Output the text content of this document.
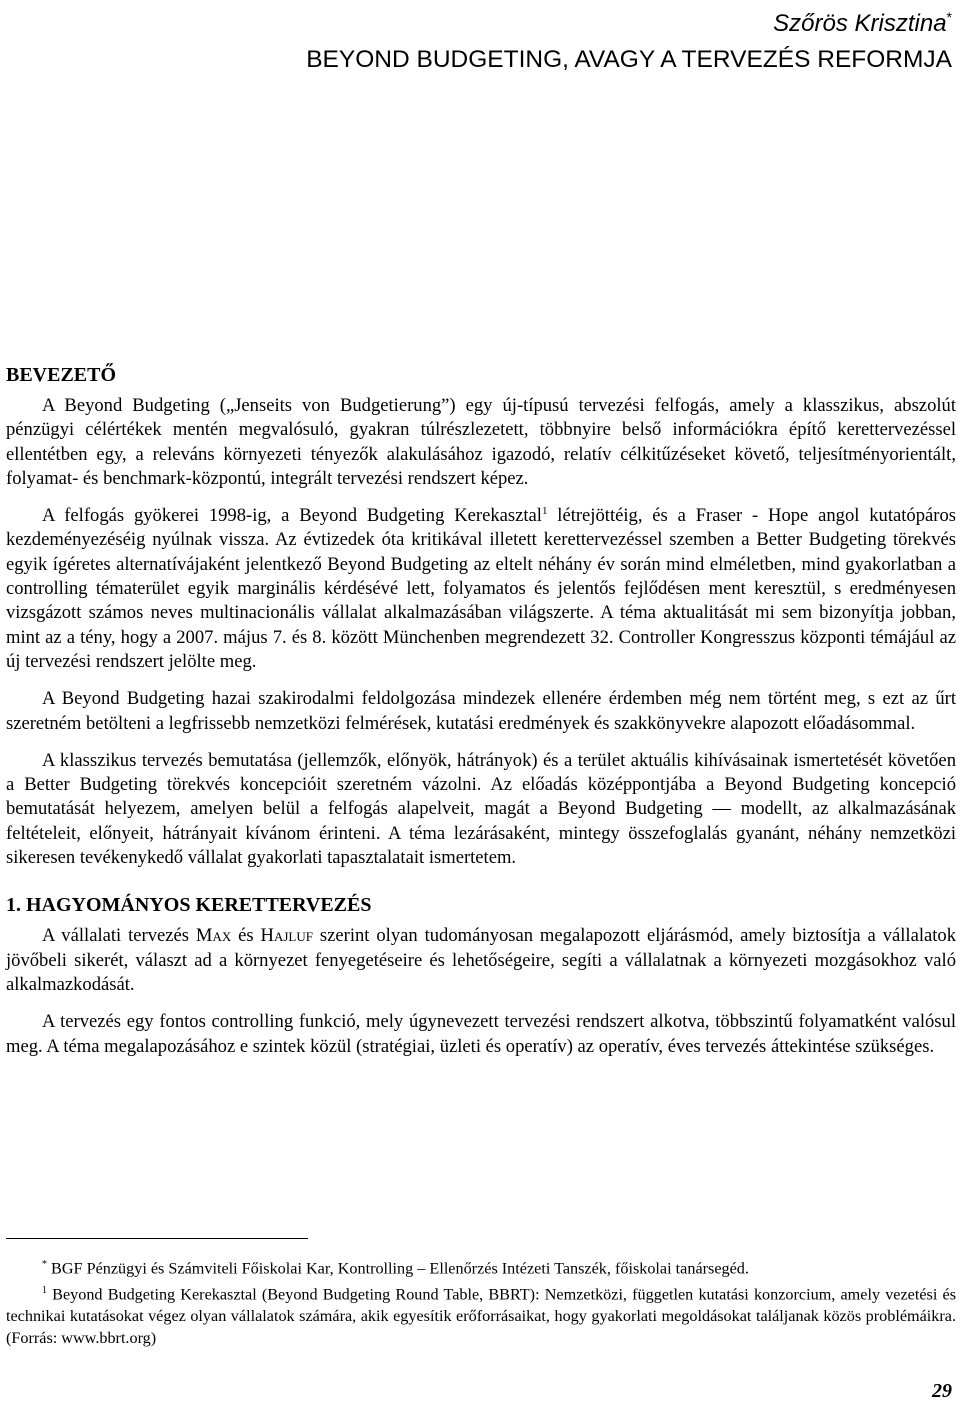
Szőrös Krisztina*
BEYOND BUDGETING, AVAGY A TERVEZÉS REFORMJA
BEVEZETŐ

A Beyond Budgeting („Jenseits von Budgetierung”) egy új-típusú tervezési felfogás, amely a klasszikus, abszolút pénzügyi célértékek mentén megvalósuló, gyakran túlrészlezetett, többnyire belső információkra építő kerettervezéssel ellentétben egy, a releváns környezeti tényezők alakulásához igazodó, relatív célkitűzéseket követő, teljesítményorientált, folyamat- és benchmark-központú, integrált tervezési rendszert képez.

A felfogás gyökerei 1998-ig, a Beyond Budgeting Kerekasztal$^1$ létrejöttéig, és a Fraser - Hope angol kutatópáros kezdeményezéséig nyúlnak vissza. Az évtizedek óta kritikával illetett kerettervezéssel szemben a Better Budgeting törekvés egyik ígéretes alternatívájaként jelentkező Beyond Budgeting az eltelt néhány év során mind elméletben, mind gyakorlatban a controlling tématerület egyik marginális kérdésévé lett, folyamatos és jelentős fejlődésen ment keresztül, s eredményesen vizsgázott számos neves multinacionális vállalat alkalmazásában világszerte. A téma aktualitását mi sem bizonyítja jobban, mint az a tény, hogy a 2007. május 7. és 8. között Münchenben megrendezett 32. Controller Kongresszus központi témájául az új tervezési rendszert jelölte meg.

A Beyond Budgeting hazai szakirodalmi feldolgozása mindezek ellenére érdemben még nem történt meg, s ezt az űrt szeretném betölteni a legfrissebb nemzetközi felmérések, kutatási eredmények és szakkönyvekre alapozott előadásommal.

A klasszikus tervezés bemutatása (jellemzők, előnyök, hátrányok) és a terület aktuális kihívásainak ismertetését követően a Better Budgeting törekvés koncepcióit szeretném vázolni. Az előadás középpontjába a Beyond Budgeting koncepció bemutatását helyezem, amelyen belül a felfogás alapelveit, magát a Beyond Budgeting — modellt, az alkalmazásának feltételeit, előnyeit, hátrányait kívánom érinteni. A téma lezárásaként, mintegy összefoglalás gyanánt, néhány nemzetközi sikeresen tevékenykedő vállalat gyakorlati tapasztalatait ismertetem.

1. HAGYOMÁNYOS KERETTERVEZÉS

A vállalati tervezés Max és Hajluf szerint olyan tudományosan megalapozott eljárásmód, amely biztosítja a vállalatok jövőbeli sikerét, választ ad a környezet fenyegetéseire és lehetőségeire, segíti a vállalatnak a környezeti mozgásokhoz való alkalmazkodását.

A tervezés egy fontos controlling funkció, mely úgynevezett tervezési rendszert alkotva, többszintű folyamatként valósul meg. A téma megalapozásához e szintek közül (stratégiai, üzleti és operatív) az operatív, éves tervezés áttekintése szükséges.

* BGF Pénzügyi és Számviteli Főiskolai Kar, Kontrolling – Ellenőrzés Intézeti Tanszék, főiskolai tanársegéd.

$^1$ Beyond Budgeting Kerekasztal (Beyond Budgeting Round Table, BBRT): Nemzetközi, független kutatási konzorcium, amely vezetési és technikai kutatásokat végez olyan vállalatok számára, akik egyesítik erőforrásaikat, hogy gyakorlati megoldásokat találjanak közös problémáikra. (Forrás: www.bbrt.org)

29
